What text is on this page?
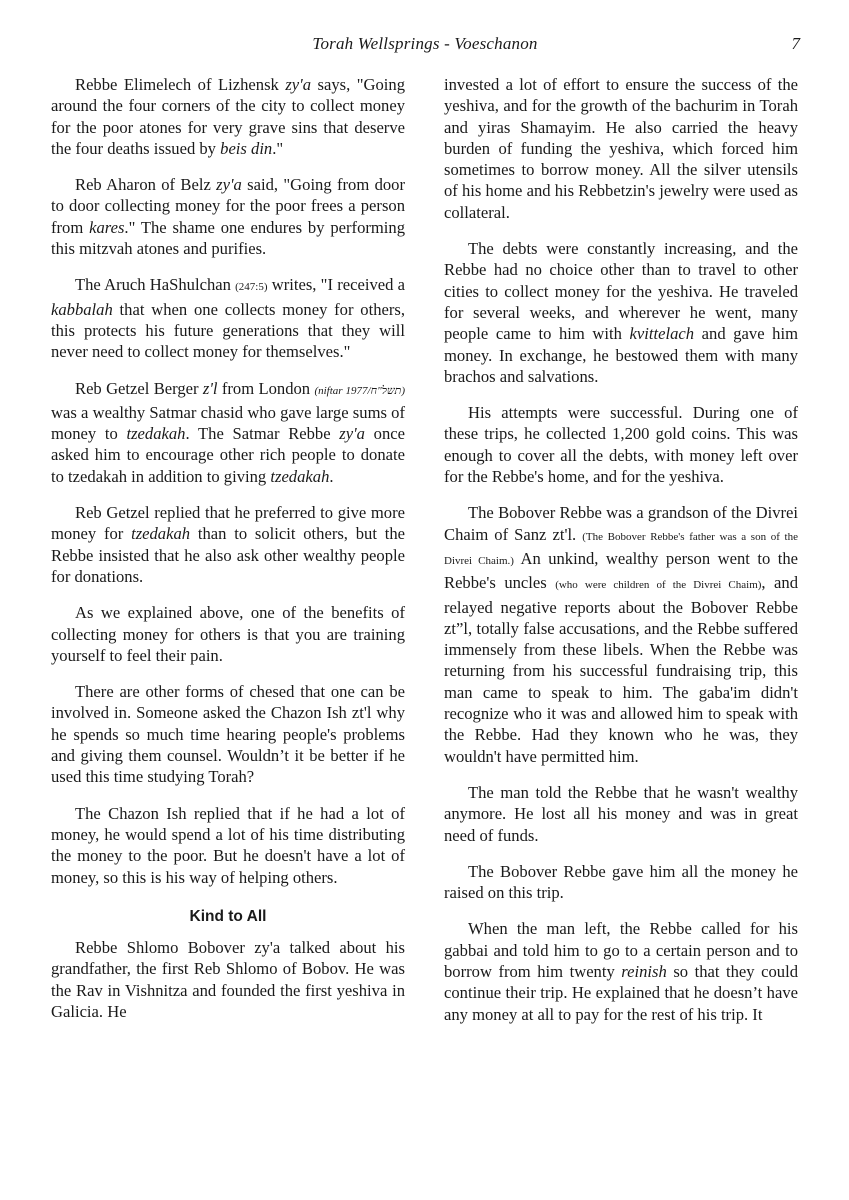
Torah Wellsprings - Voeschanon	7

Rebbe Elimelech of Lizhensk zy'a says, "Going around the four corners of the city to collect money for the poor atones for very grave sins that deserve the four deaths issued by beis din."

Reb Aharon of Belz zy'a said, "Going from door to door collecting money for the poor frees a person from kares." The shame one endures by performing this mitzvah atones and purifies.

The Aruch HaShulchan (247:5) writes, "I received a kabbalah that when one collects money for others, this protects his future generations that they will never need to collect money for themselves."

Reb Getzel Berger z'l from London (niftar 1977/תשל"ח) was a wealthy Satmar chasid who gave large sums of money to tzedakah. The Satmar Rebbe zy'a once asked him to encourage other rich people to donate to tzedakah in addition to giving tzedakah.

Reb Getzel replied that he preferred to give more money for tzedakah than to solicit others, but the Rebbe insisted that he also ask other wealthy people for donations.

As we explained above, one of the benefits of collecting money for others is that you are training yourself to feel their pain.

There are other forms of chesed that one can be involved in. Someone asked the Chazon Ish zt'l why he spends so much time hearing people's problems and giving them counsel. Wouldn’t it be better if he used this time studying Torah?

The Chazon Ish replied that if he had a lot of money, he would spend a lot of his time distributing the money to the poor. But he doesn't have a lot of money, so this is his way of helping others.

Kind to All

Rebbe Shlomo Bobover zy'a talked about his grandfather, the first Reb Shlomo of Bobov. He was the Rav in Vishnitza and founded the first yeshiva in Galicia. He

invested a lot of effort to ensure the success of the yeshiva, and for the growth of the bachurim in Torah and yiras Shamayim. He also carried the heavy burden of funding the yeshiva, which forced him sometimes to borrow money. All the silver utensils of his home and his Rebbetzin's jewelry were used as collateral.

The debts were constantly increasing, and the Rebbe had no choice other than to travel to other cities to collect money for the yeshiva. He traveled for several weeks, and wherever he went, many people came to him with kvittelach and gave him money. In exchange, he bestowed them with many brachos and salvations.

His attempts were successful. During one of these trips, he collected 1,200 gold coins. This was enough to cover all the debts, with money left over for the Rebbe's home, and for the yeshiva.

The Bobover Rebbe was a grandson of the Divrei Chaim of Sanz zt'l. (The Bobover Rebbe's father was a son of the Divrei Chaim.) An unkind, wealthy person went to the Rebbe's uncles (who were children of the Divrei Chaim), and relayed negative reports about the Bobover Rebbe zt”l, totally false accusations, and the Rebbe suffered immensely from these libels. When the Rebbe was returning from his successful fundraising trip, this man came to speak to him. The gaba'im didn't recognize who it was and allowed him to speak with the Rebbe. Had they known who he was, they wouldn't have permitted him.

The man told the Rebbe that he wasn't wealthy anymore. He lost all his money and was in great need of funds.

The Bobover Rebbe gave him all the money he raised on this trip.

When the man left, the Rebbe called for his gabbai and told him to go to a certain person and to borrow from him twenty reinish so that they could continue their trip. He explained that he doesn’t have any money at all to pay for the rest of his trip. It
